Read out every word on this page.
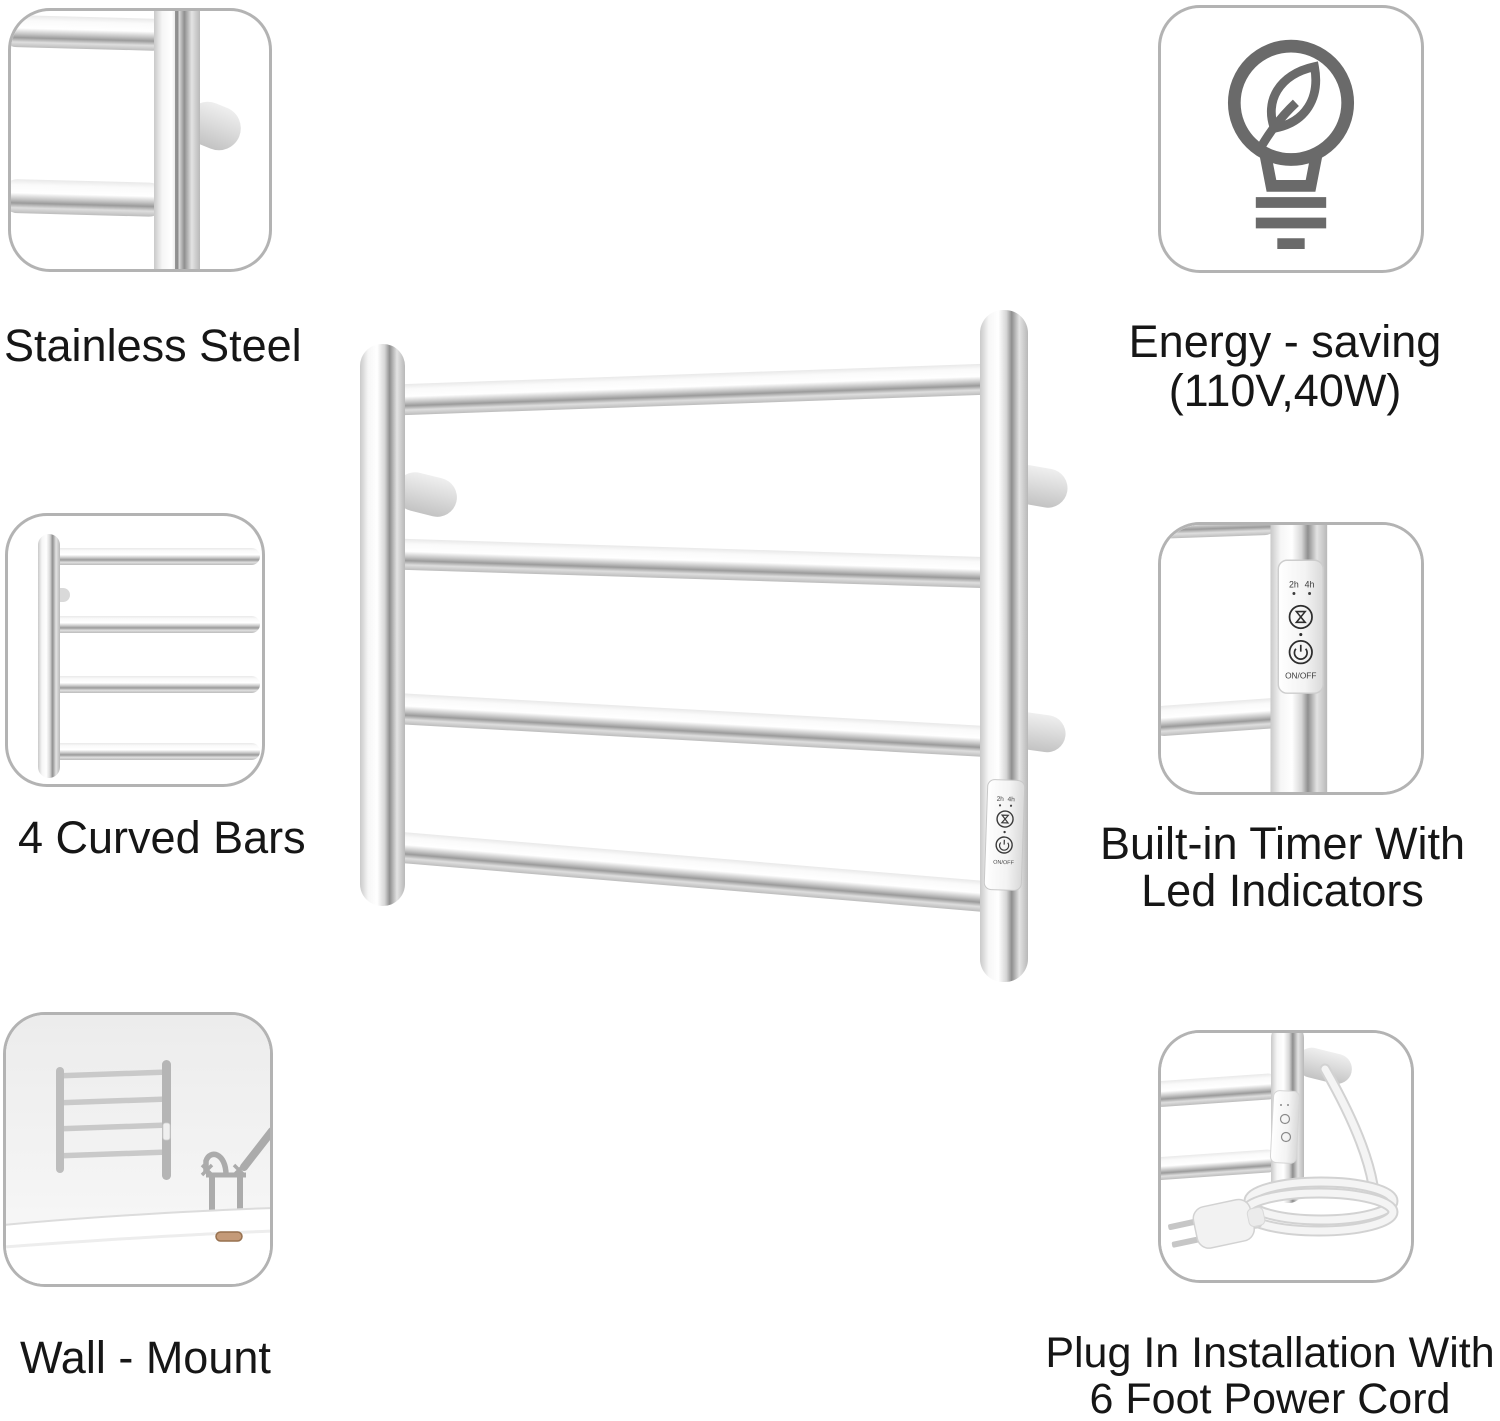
Stainless Steel	Energy - saving
(110V,40W)
4 Curved Bars
2h 4h
ON/OFF
Built-in Timer With
Led Indicators
Wall - Mount	Plug In Installation With
6 Foot Power Cord
2h 4h
ON/OFF
